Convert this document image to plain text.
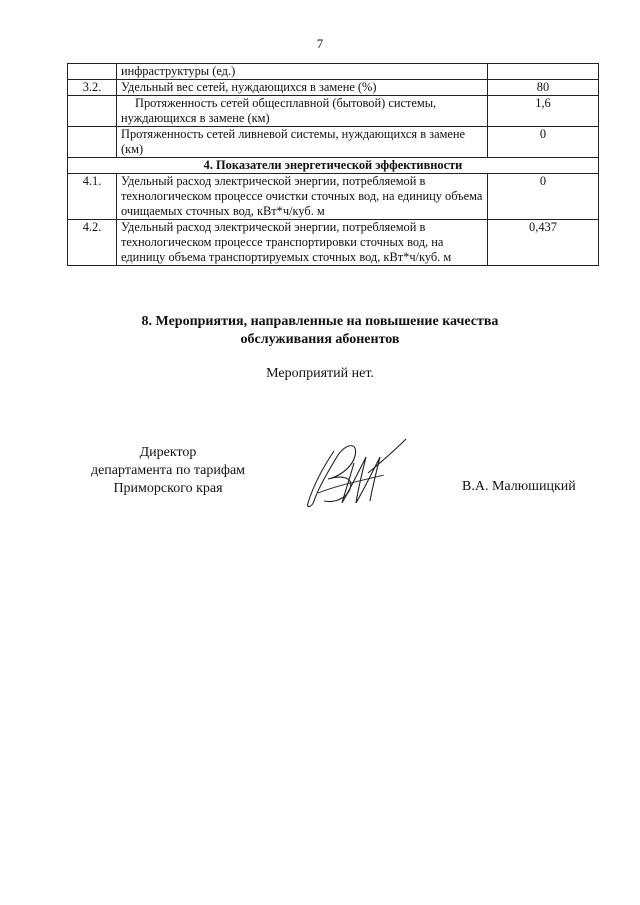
7
	инфраструктуры (ед.)	
3.2.	Удельный вес сетей, нуждающихся в замене (%)	80
	Протяженность сетей общесплавной (бытовой) системы, нуждающихся в замене (км)	1,6
	Протяженность сетей ливневой системы, нуждающихся в замене (км)	0
4. Показатели энергетической эффективности		
4.1.	Удельный расход электрической энергии, потребляемой в технологическом процессе очистки сточных вод, на единицу объема очищаемых сточных вод, кВт*ч/куб. м	0
4.2.	Удельный расход электрической энергии, потребляемой в технологическом процессе транспортировки сточных вод, на единицу объема транспортируемых сточных вод, кВт*ч/куб. м	0,437
8. Мероприятия, направленные на повышение качества
обслуживания абонентов
Мероприятий нет.
Директор
департамента по тарифам
Приморского края	В.А. Малюшицкий
